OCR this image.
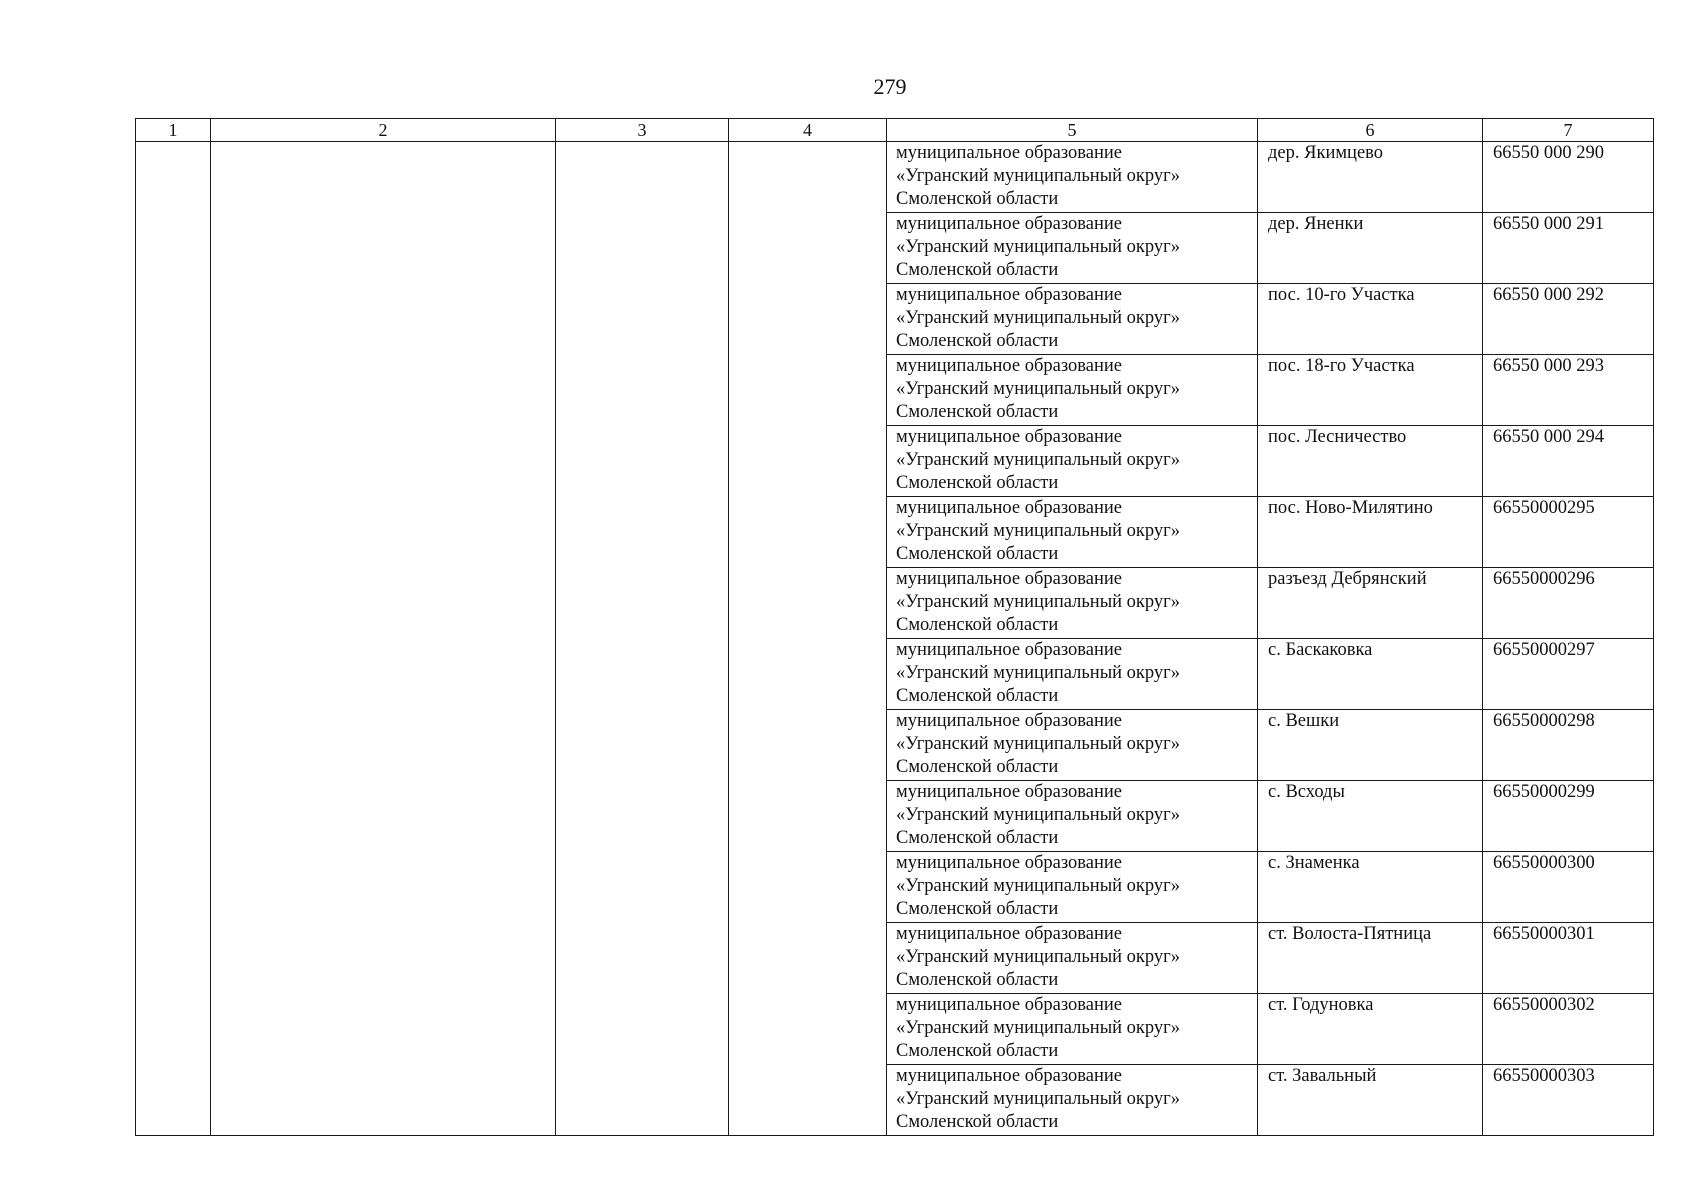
279
1	2	3	4	5	6	7

				муниципальное образование
«Угранский муниципальный округ»
Смоленской области	дер. Якимцево	66550 000 290

				муниципальное образование
«Угранский муниципальный округ»
Смоленской области	дер. Яненки	66550 000 291

				муниципальное образование
«Угранский муниципальный округ»
Смоленской области	пос. 10-го Участка	66550 000 292

				муниципальное образование
«Угранский муниципальный округ»
Смоленской области	пос. 18-го Участка	66550 000 293

				муниципальное образование
«Угранский муниципальный округ»
Смоленской области	пос. Лесничество	66550 000 294

				муниципальное образование
«Угранский муниципальный округ»
Смоленской области	пос. Ново-Милятино	66550000295

				муниципальное образование
«Угранский муниципальный округ»
Смоленской области	разъезд Дебрянский	66550000296

				муниципальное образование
«Угранский муниципальный округ»
Смоленской области	с. Баскаковка	66550000297

				муниципальное образование
«Угранский муниципальный округ»
Смоленской области	с. Вешки	66550000298

				муниципальное образование
«Угранский муниципальный округ»
Смоленской области	с. Всходы	66550000299

				муниципальное образование
«Угранский муниципальный округ»
Смоленской области	с. Знаменка	66550000300

				муниципальное образование
«Угранский муниципальный округ»
Смоленской области	ст. Волоста-Пятница	66550000301

				муниципальное образование
«Угранский муниципальный округ»
Смоленской области	ст. Годуновка	66550000302

				муниципальное образование
«Угранский муниципальный округ»
Смоленской области	ст. Завальный	66550000303
